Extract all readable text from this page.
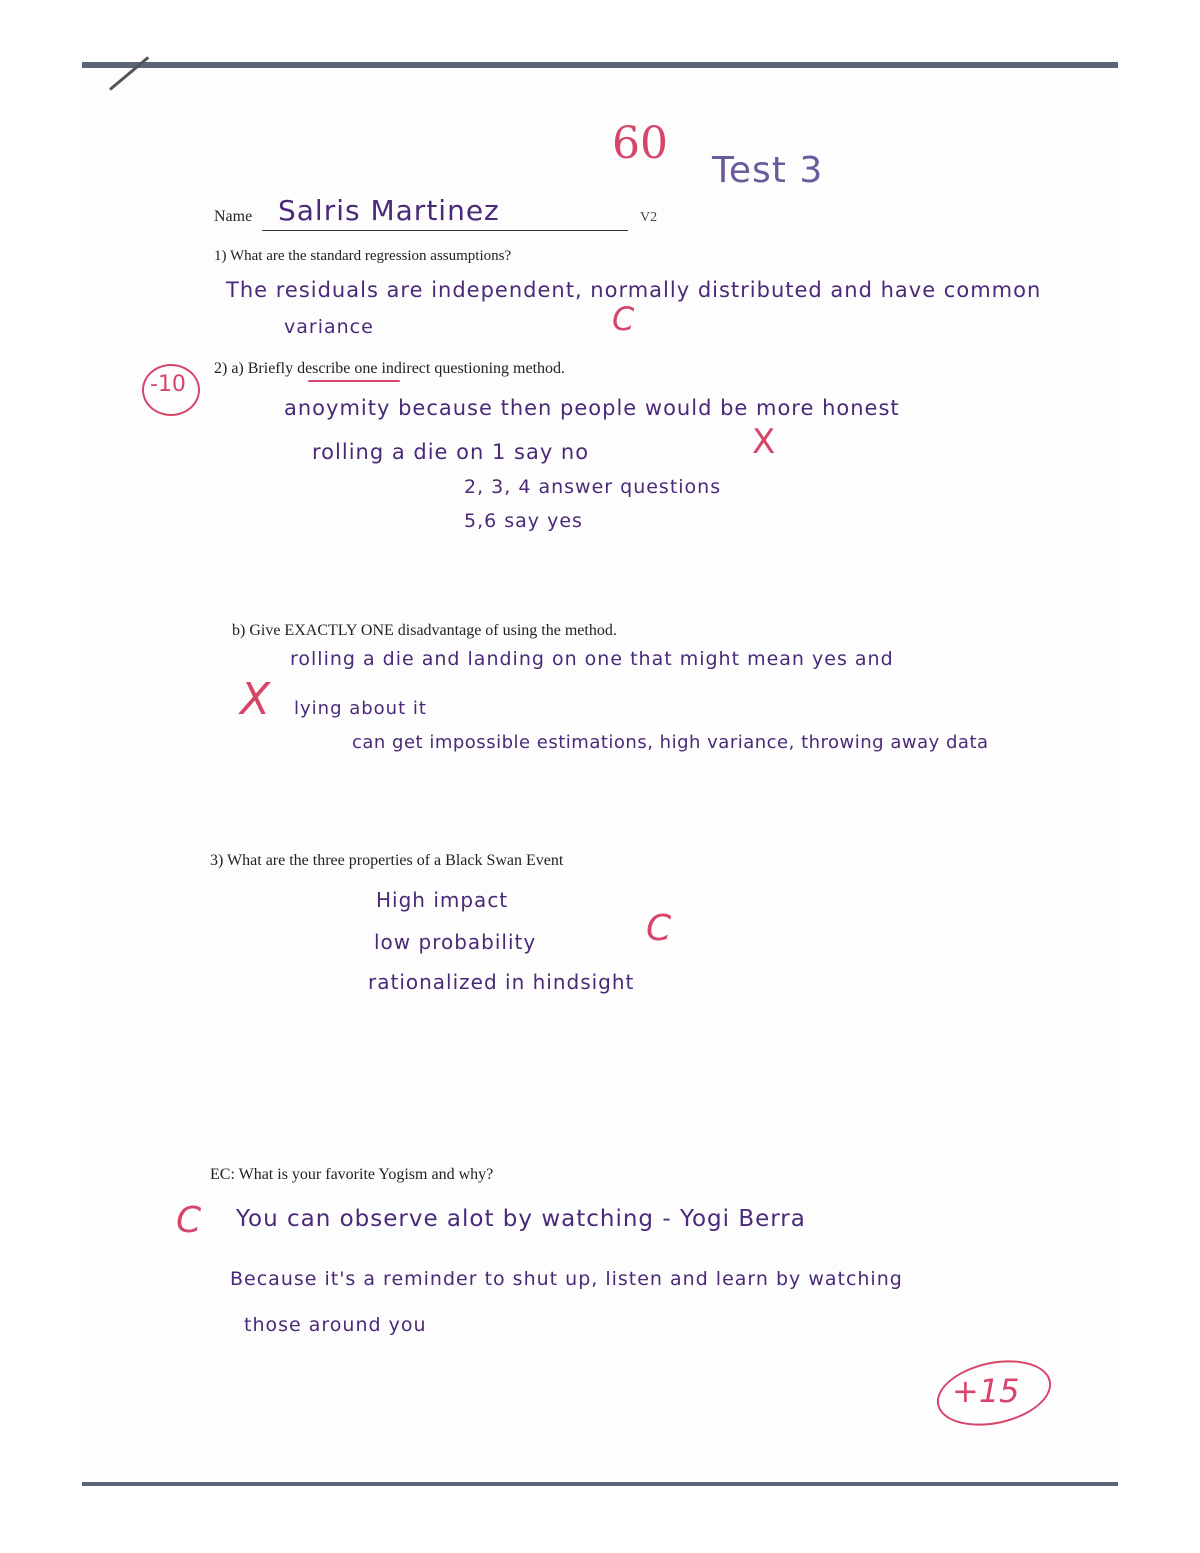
60
Test 3
Name Salris Martinez	V2
1) What are the standard regression assumptions?
The residuals are independent, normally distributed and have common
variance	C
-10
2) a) Briefly describe one indirect questioning method.
anoymity because then people would be more honest
rolling a die on 1 say no
2, 3, 4 answer questions
5,6 say yes
X
b) Give EXACTLY ONE disadvantage of using the method.
rolling a die and landing on one that might mean yes and
lying about it
X
can get impossible estimations, high variance, throwing away data
3) What are the three properties of a Black Swan Event
High impact
low probability
rationalized in hindsight
C
EC: What is your favorite Yogism and why?
C You can observe alot by watching - Yogi Berra
Because it's a reminder to shut up, listen and learn by watching
those around you
+15
